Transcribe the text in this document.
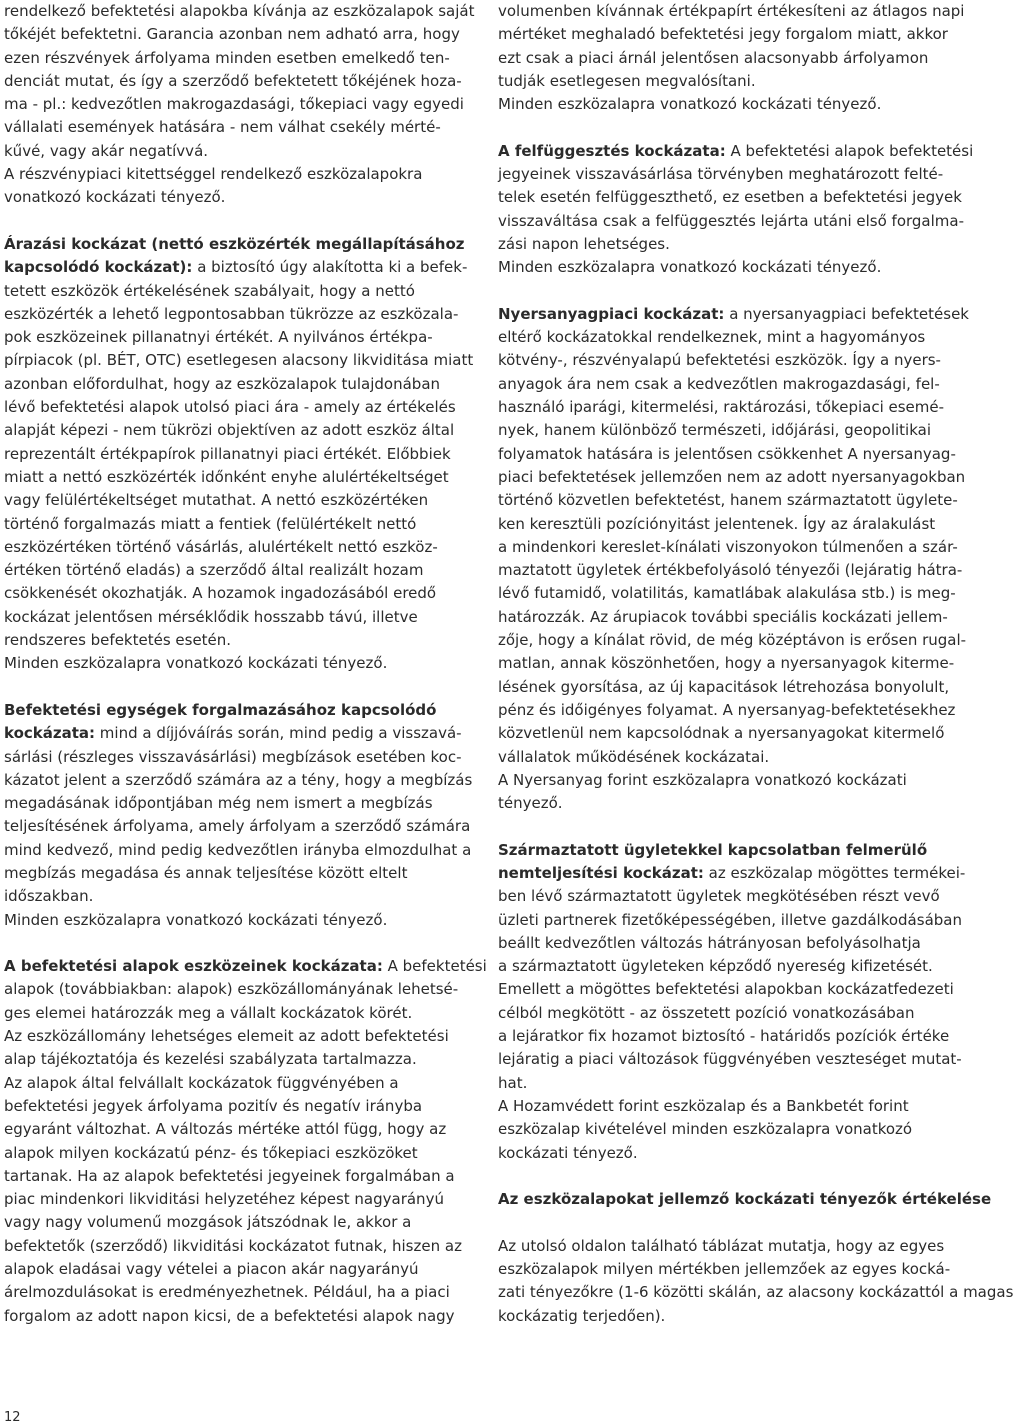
rendelkező befektetési alapokba kívánja az eszközalapok saját
tőkéjét befektetni. Garancia azonban nem adható arra, hogy
ezen részvények árfolyama minden esetben emelkedő ten-
denciát mutat, és így a szerződő befektetett tőkéjének hoza-
ma - pl.: kedvezőtlen makrogazdasági, tőkepiaci vagy egyedi
vállalati események hatására - nem válhat csekély mérté-
kűvé, vagy akár negatívvá.
A részvénypiaci kitettséggel rendelkező eszközalapokra
vonatkozó kockázati tényező.
Árazási kockázat (nettó eszközérték megállapításához
kapcsolódó kockázat): a biztosító úgy alakította ki a befek-
tetett eszközök értékelésének szabályait, hogy a nettó
eszközérték a lehető legpontosabban tükrözze az eszközala-
pok eszközeinek pillanatnyi értékét. A nyilvános értékpa-
pírpiacok (pl. BÉT, OTC) esetlegesen alacsony likviditása miatt
azonban előfordulhat, hogy az eszközalapok tulajdonában
lévő befektetési alapok utolsó piaci ára - amely az értékelés
alapját képezi - nem tükrözi objektíven az adott eszköz által
reprezentált értékpapírok pillanatnyi piaci értékét. Előbbiek
miatt a nettó eszközérték időnként enyhe alulértékeltséget
vagy felülértékeltséget mutathat. A nettó eszközértéken
történő forgalmazás miatt a fentiek (felülértékelt nettó
eszközértéken történő vásárlás, alulértékelt nettó eszköz-
értéken történő eladás) a szerződő által realizált hozam
csökkenését okozhatják. A hozamok ingadozásából eredő
kockázat jelentősen mérséklődik hosszabb távú, illetve
rendszeres befektetés esetén.
Minden eszközalapra vonatkozó kockázati tényező.
Befektetési egységek forgalmazásához kapcsolódó
kockázata: mind a díjjóváírás során, mind pedig a visszavá-
sárlási (részleges visszavásárlási) megbízások esetében koc-
kázatot jelent a szerződő számára az a tény, hogy a megbízás
megadásának időpontjában még nem ismert a megbízás
teljesítésének árfolyama, amely árfolyam a szerződő számára
mind kedvező, mind pedig kedvezőtlen irányba elmozdulhat a
megbízás megadása és annak teljesítése között eltelt
időszakban.
Minden eszközalapra vonatkozó kockázati tényező.
A befektetési alapok eszközeinek kockázata: A befektetési
alapok (továbbiakban: alapok) eszközállományának lehetsé-
ges elemei határozzák meg a vállalt kockázatok körét.
Az eszközállomány lehetséges elemeit az adott befektetési
alap tájékoztatója és kezelési szabályzata tartalmazza.
Az alapok által felvállalt kockázatok függvényében a
befektetési jegyek árfolyama pozitív és negatív irányba
egyaránt változhat. A változás mértéke attól függ, hogy az
alapok milyen kockázatú pénz- és tőkepiaci eszközöket
tartanak. Ha az alapok befektetési jegyeinek forgalmában a
piac mindenkori likviditási helyzetéhez képest nagyarányú
vagy nagy volumenű mozgások játszódnak le, akkor a
befektetők (szerződő) likviditási kockázatot futnak, hiszen az
alapok eladásai vagy vételei a piacon akár nagyarányú
árelmozdulásokat is eredményezhetnek. Például, ha a piaci
forgalom az adott napon kicsi, de a befektetési alapok nagy
volumenben kívánnak értékpapírt értékesíteni az átlagos napi
mértéket meghaladó befektetési jegy forgalom miatt, akkor
ezt csak a piaci árnál jelentősen alacsonyabb árfolyamon
tudják esetlegesen megvalósítani.
Minden eszközalapra vonatkozó kockázati tényező.
A felfüggesztés kockázata: A befektetési alapok befektetési
jegyeinek visszavásárlása törvényben meghatározott felté-
telek esetén felfüggeszthető, ez esetben a befektetési jegyek
visszaváltása csak a felfüggesztés lejárta utáni első forgalma-
zási napon lehetséges.
Minden eszközalapra vonatkozó kockázati tényező.
Nyersanyagpiaci kockázat: a nyersanyagpiaci befektetések
eltérő kockázatokkal rendelkeznek, mint a hagyományos
kötvény-, részvényalapú befektetési eszközök. Így a nyers-
anyagok ára nem csak a kedvezőtlen makrogazdasági, fel-
használó iparági, kitermelési, raktározási, tőkepiaci esemé-
nyek, hanem különböző természeti, időjárási, geopolitikai
folyamatok hatására is jelentősen csökkenhet A nyersanyag-
piaci befektetések jellemzően nem az adott nyersanyagokban
történő közvetlen befektetést, hanem származtatott ügylete-
ken keresztüli pozíciónyitást jelentenek. Így az áralakulást
a mindenkori kereslet-kínálati viszonyokon túlmenően a szár-
maztatott ügyletek értékbefolyásoló tényezői (lejáratig hátra-
lévő futamidő, volatilitás, kamatlábak alakulása stb.) is meg-
határozzák. Az árupiacok további speciális kockázati jellem-
zője, hogy a kínálat rövid, de még középtávon is erősen rugal-
matlan, annak köszönhetően, hogy a nyersanyagok kiterme-
lésének gyorsítása, az új kapacitások létrehozása bonyolult,
pénz és időigényes folyamat. A nyersanyag-befektetésekhez
közvetlenül nem kapcsolódnak a nyersanyagokat kitermelő
vállalatok működésének kockázatai.
A Nyersanyag forint eszközalapra vonatkozó kockázati
tényező.
Származtatott ügyletekkel kapcsolatban felmerülő
nemteljesítési kockázat: az eszközalap mögöttes termékei-
ben lévő származtatott ügyletek megkötésében részt vevő
üzleti partnerek fizetőképességében, illetve gazdálkodásában
beállt kedvezőtlen változás hátrányosan befolyásolhatja
a származtatott ügyleteken képződő nyereség kifizetését.
Emellett a mögöttes befektetési alapokban kockázatfedezeti
célból megkötött - az összetett pozíció vonatkozásában
a lejáratkor fix hozamot biztosító - határidős pozíciók értéke
lejáratig a piaci változások függvényében veszteséget mutat-
hat.
A Hozamvédett forint eszközalap és a Bankbetét forint
eszközalap kivételével minden eszközalapra vonatkozó
kockázati tényező.
Az eszközalapokat jellemző kockázati tényezők értékelése
Az utolsó oldalon található táblázat mutatja, hogy az egyes
eszközalapok milyen mértékben jellemzőek az egyes kocká-
zati tényezőkre (1-6 közötti skálán, az alacsony kockázattól a magas
kockázatig terjedően).
12
